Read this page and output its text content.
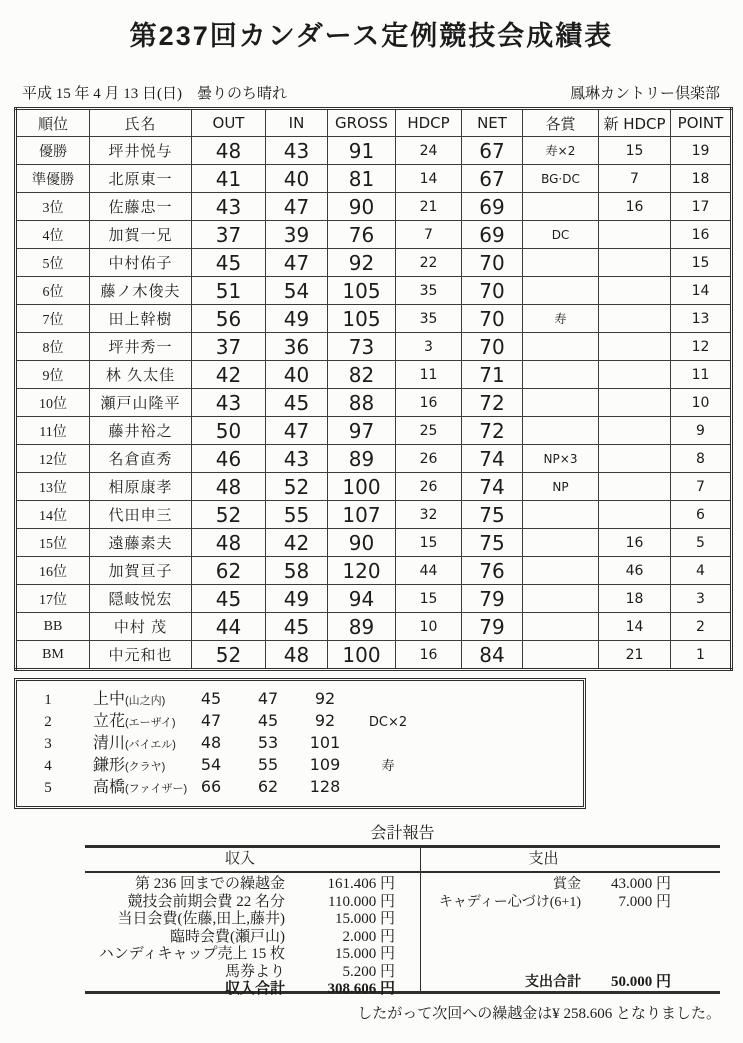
第237回カンダース定例競技会成績表
平成 15 年 4 月 13 日(日)　曇りのち晴れ	鳳琳カントリー倶楽部
順位	氏名	OUT	IN	GROSS	HDCP	NET	各賞	新 HDCP	POINT
優勝	坪井悦与	48	43	91	24	67	寿×2	15	19
準優勝	北原東一	41	40	81	14	67	BG·DC	7	18
3位	佐藤忠一	43	47	90	21	69		16	17
4位	加賀一兄	37	39	76	7	69	DC		16
5位	中村佑子	45	47	92	22	70			15
6位	藤ノ木俊夫	51	54	105	35	70			14
7位	田上幹樹	56	49	105	35	70	寿		13
8位	坪井秀一	37	36	73	3	70			12
9位	林 久太佳	42	40	82	11	71			11
10位	瀬戸山隆平	43	45	88	16	72			10
11位	藤井裕之	50	47	97	25	72			9
12位	名倉直秀	46	43	89	26	74	NP×3		8
13位	相原康孝	48	52	100	26	74	NP		7
14位	代田申三	52	55	107	32	75			6
15位	遠藤素夫	48	42	90	15	75		16	5
16位	加賀亘子	62	58	120	44	76		46	4
17位	隠岐悦宏	45	49	94	15	79		18	3
BB	中村 茂	44	45	89	10	79		14	2
BM	中元和也	52	48	100	16	84		21	1
1	上中(山之内)	45	47	92
2	立花(エーザイ)	47	45	92	DC×2
3	清川(バイエル)	48	53	101
4	鎌形(クラヤ)	54	55	109	寿
5	高橋(ファイザー) 66	62	128
会計報告
収入
第 236 回までの繰越金	161.406 円
競技会前期会費 22 名分	110.000 円
当日会費(佐藤,田上,藤井)	15.000 円
臨時会費(瀬戸山)	2.000 円
ハンディキャップ売上 15 枚	15.000 円
馬券より	5.200 円
収入合計	308.606 円
支出
賞金	43.000 円
キャディー心づけ(6+1)	7.000 円
支出合計	50.000 円
したがって次回への繰越金は¥ 258.606 となりました。
